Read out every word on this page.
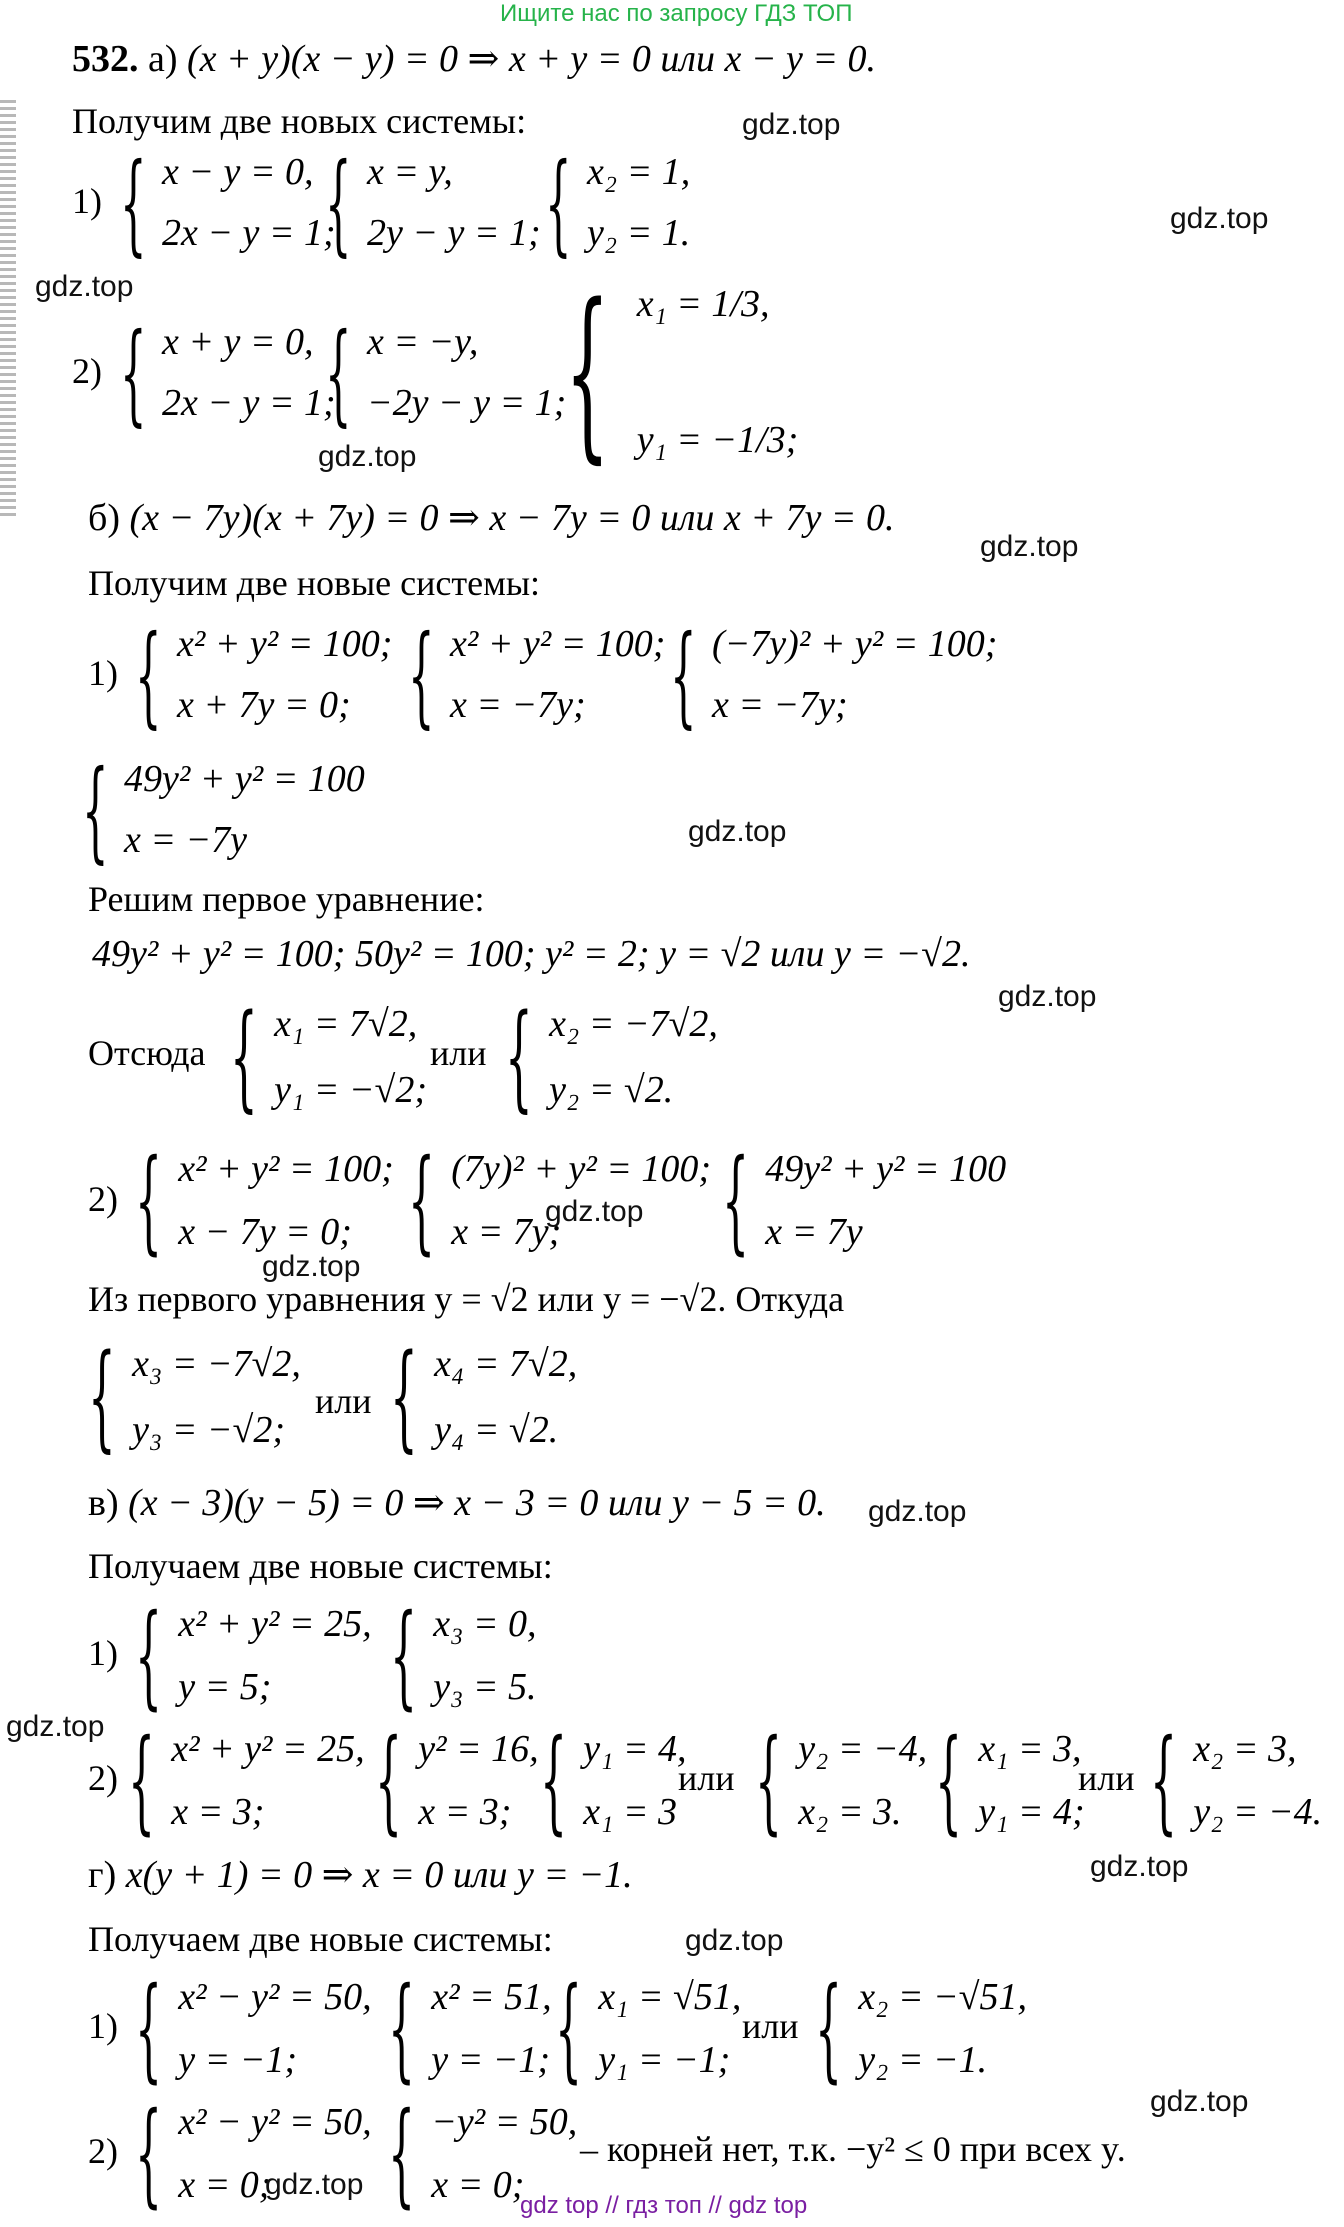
Ищите нас по запросу ГДЗ ТОП
532. а) (x + y)(x − y) = 0 ⇒ x + y = 0 или x − y = 0.
Получим две новых системы:
1) { x − y = 0,
2x − y = 1;
{ x = y,
2y − y = 1; { x₂ = 1,
y₂ = 1.
2) { x + y = 0,
2x − y = 1;
{ x = −y,
−2y − y = 1;
{ x₁ = 1/3,
y₁ = −1/3;
б) (x − 7y)(x + 7y) = 0 ⇒ x − 7y = 0 или x + 7y = 0.
Получим две новые системы:
1) { x² + y² = 100;
x + 7y = 0; { x² + y² = 100;
x = −7y; { (−7y)² + y² = 100;
x = −7y;
{ 49y² + y² = 100
x = −7y
Решим первое уравнение:
49y² + y² = 100; 50y² = 100; y² = 2; y = √2 или y = −√2.
Отсюда { x₁ = 7√2,
y₁ = −√2;
или { x₂ = −7√2,
y₂ = √2.
2) { x² + y² = 100;
x − 7y = 0; { (7y)² + y² = 100;
x = 7y;	{ 49y² + y² = 100
x = 7y
Из первого уравнения y = √2 или y = −√2. Откуда
{ x₃ = −7√2,
y₃ = −√2;
или { x₄ = 7√2,
y₄ = √2.
в) (x − 3)(y − 5) = 0 ⇒ x − 3 = 0 или y − 5 = 0.
Получаем две новые системы:
1) { x² + y² = 25,
y = 5;	{ x₃ = 0,
y₃ = 5.
2) { x² + y² = 25,
x = 3; { y² = 16,
x = 3; { y₁ = 4,
x₁ = 3
или { y₂ = −4,
x₂ = 3. { x₁ = 3,
y₁ = 4;
или { x₂ = 3,
y₂ = −4.
г) x(y + 1) = 0 ⇒ x = 0 или y = −1.
Получаем две новые системы:
1) { x² − y² = 50,
y = −1; { x² = 51,
y = −1; { x₁ = √51,
y₁ = −1;
или { x₂ = −√51,
y₂ = −1.
2) { x² − y² = 50,
x = 0;	{ −y² = 50,
x = 0;
– корней нет, т.к. −y² ≤ 0 при всех y.
gdz.top
gdz.top
gdz.top
gdz.top
gdz.top
gdz.top
gdz.top
gdz.top
gdz.top
gdz.top
gdz.top
gdz.top
gdz.top
gdz.top
gdz.top
gdz top // гдз топ // gdz top
